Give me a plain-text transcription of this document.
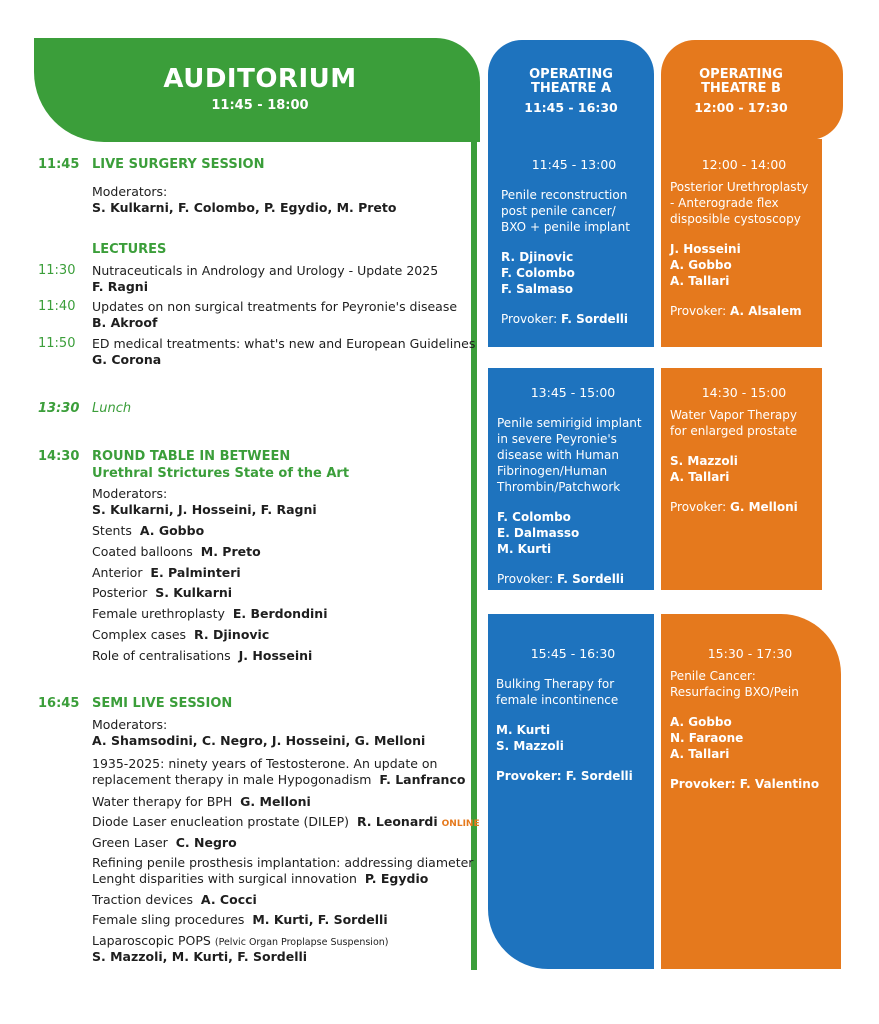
AUDITORIUM
11:45 - 18:00
11:45 LIVE SURGERY SESSION
Moderators:
S. Kulkarni, F. Colombo, P. Egydio, M. Preto
LECTURES
11:30 Nutraceuticals in Andrology and Urology - Update 2025
F. Ragni
11:40 Updates on non surgical treatments for Peyronie's disease
B. Akroof
11:50 ED medical treatments: what's new and European Guidelines
G. Corona
13:30 Lunch
14:30 ROUND TABLE IN BETWEEN
Urethral Strictures State of the Art
Moderators:
S. Kulkarni, J. Hosseini, F. Ragni
Stents A. Gobbo
Coated balloons M. Preto
Anterior E. Palminteri
Posterior S. Kulkarni
Female urethroplasty E. Berdondini
Complex cases R. Djinovic
Role of centralisations J. Hosseini
16:45 SEMI LIVE SESSION
Moderators:
A. Shamsodini, C. Negro, J. Hosseini, G. Melloni
1935-2025: ninety years of Testosterone. An update on
replacement therapy in male Hypogonadism F. Lanfranco
Water therapy for BPH G. Melloni
Diode Laser enucleation prostate (DILEP) R. Leonardi ONLINE
Green Laser C. Negro
Refining penile prosthesis implantation: addressing diameter
Lenght disparities with surgical innovation P. Egydio
Traction devices A. Cocci
Female sling procedures M. Kurti, F. Sordelli
Laparoscopic POPS (Pelvic Organ Proplapse Suspension)
S. Mazzoli, M. Kurti, F. Sordelli
OPERATING
THEATRE A
11:45 - 16:30
11:45 - 13:00
Penile reconstruction
post penile cancer/
BXO + penile implant
R. Djinovic
F. Colombo
F. Salmaso
Provoker: F. Sordelli
13:45 - 15:00
Penile semirigid implant
in severe Peyronie's
disease with Human
Fibrinogen/Human
Thrombin/Patchwork
F. Colombo
E. Dalmasso
M. Kurti
Provoker: F. Sordelli
15:45 - 16:30
Bulking Therapy for
female incontinence
M. Kurti
S. Mazzoli
Provoker: F. Sordelli
OPERATING
THEATRE B
12:00 - 17:30
12:00 - 14:00
Posterior Urethroplasty
- Anterograde flex
disposible cystoscopy
J. Hosseini
A. Gobbo
A. Tallari
Provoker: A. Alsalem
14:30 - 15:00
Water Vapor Therapy
for enlarged prostate
S. Mazzoli
A. Tallari
Provoker: G. Melloni
15:30 - 17:30
Penile Cancer:
Resurfacing BXO/Pein
A. Gobbo
N. Faraone
A. Tallari
Provoker: F. Valentino
